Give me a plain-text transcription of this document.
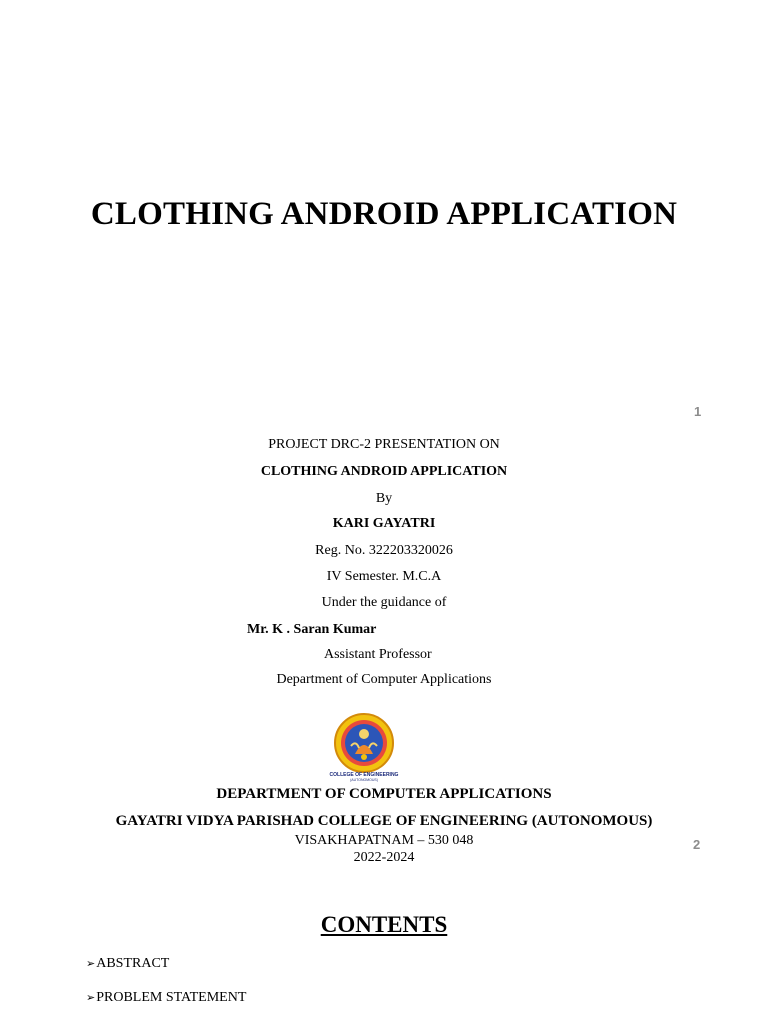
CLOTHING ANDROID APPLICATION
1
PROJECT DRC-2 PRESENTATION ON
CLOTHING ANDROID APPLICATION
By
KARI GAYATRI
Reg. No. 322203320026
IV Semester. M.C.A
Under the guidance of
Mr. K . Saran Kumar
Assistant Professor
Department of Computer Applications
COLLEGE OF ENGINEERING
(AUTONOMOUS)
DEPARTMENT OF COMPUTER APPLICATIONS
GAYATRI VIDYA PARISHAD COLLEGE OF ENGINEERING (AUTONOMOUS)
VISAKHAPATNAM – 530 048
2022-2024
2
CONTENTS
➢ABSTRACT
➢PROBLEM STATEMENT
